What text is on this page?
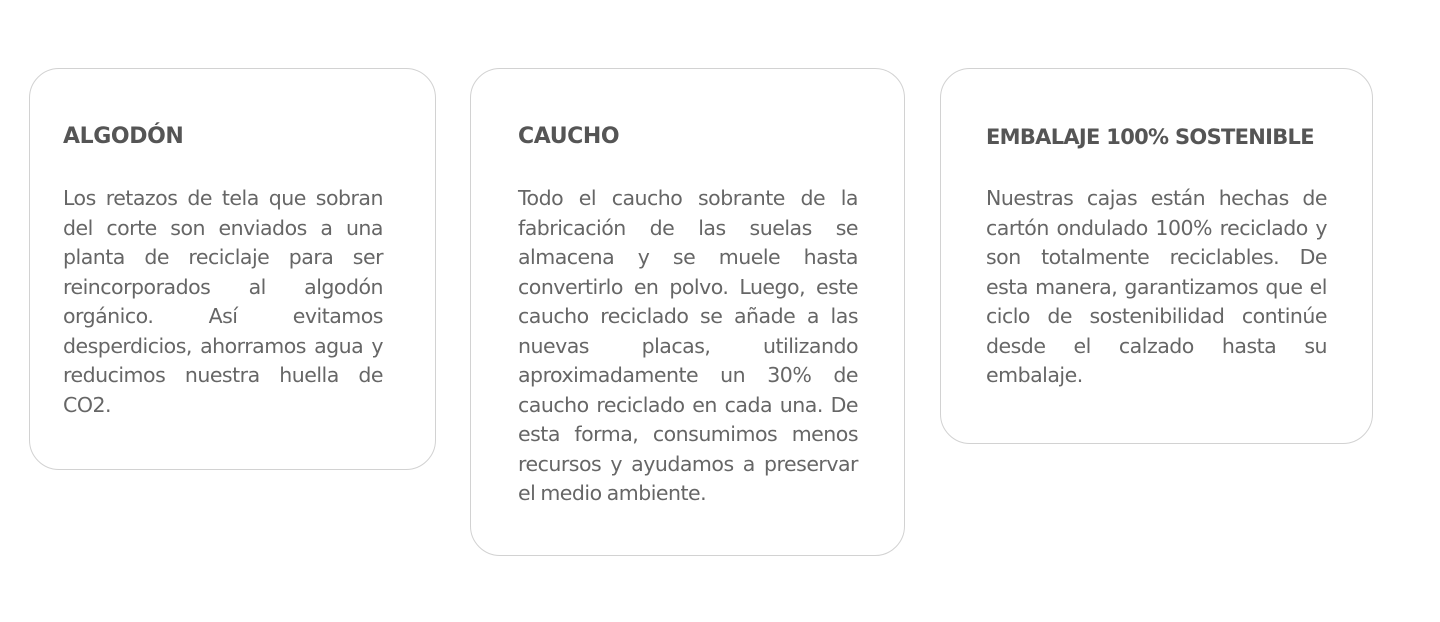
ALGODÓN

Los retazos de tela que sobran del corte son enviados a una planta de reciclaje para ser reincorporados al algodón orgánico. Así evitamos desperdicios, ahorramos agua y reducimos nuestra huella de CO2.

CAUCHO

Todo el caucho sobrante de la fabricación de las suelas se almacena y se muele hasta convertirlo en polvo. Luego, este caucho reciclado se añade a las nuevas placas, utilizando aproximadamente un 30% de caucho reciclado en cada una. De esta forma, consumimos menos recursos y ayudamos a preservar el medio ambiente.

EMBALAJE 100% SOSTENIBLE

Nuestras cajas están hechas de cartón ondulado 100% reciclado y son totalmente reciclables. De esta manera, garantizamos que el ciclo de sostenibilidad continúe desde el calzado hasta su embalaje.
